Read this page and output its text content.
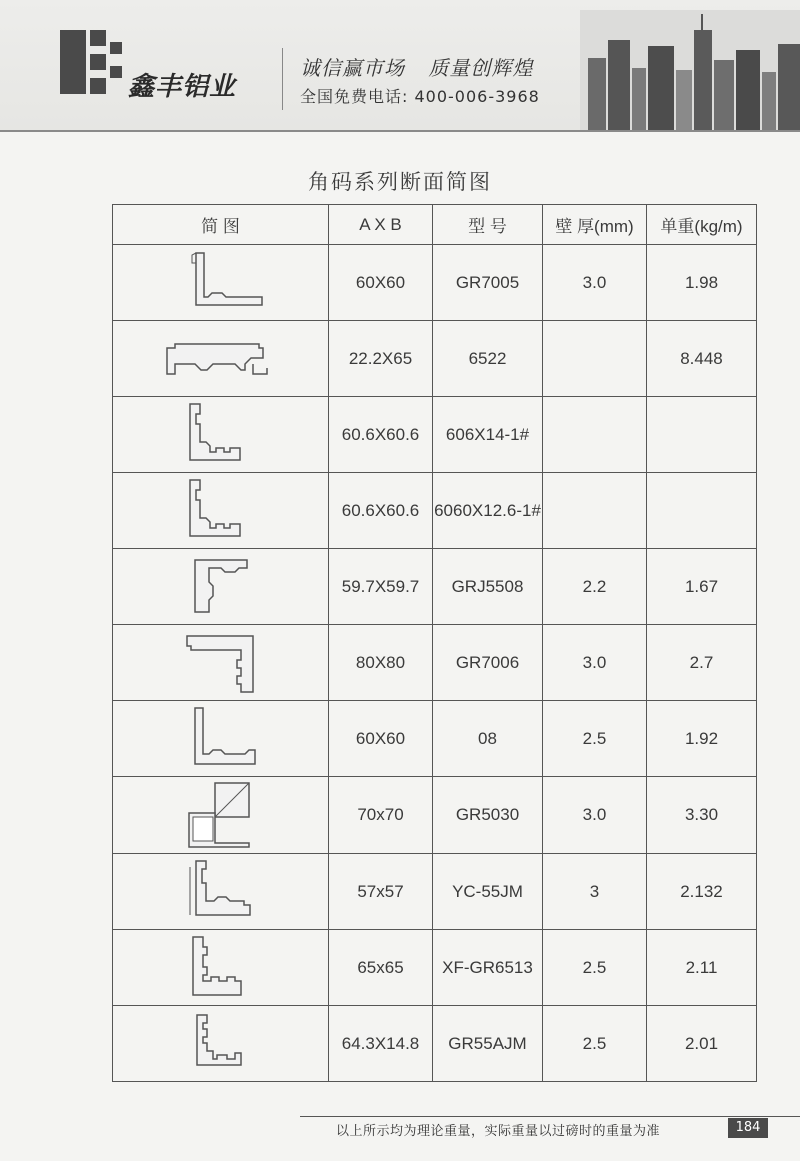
鑫丰铝业
诚信赢市场 质量创辉煌
全国免费电话: 400-006-3968
角码系列断面简图
简 图	A X B	型 号	壁 厚(mm)	单重(kg/m)

	60X60	GR7005	3.0	1.98

	22.2X65	6522		8.448

	60.6X60.6	606X14-1#		

	60.6X60.6	6060X12.6-1#		

	59.7X59.7	GRJ5508	2.2	1.67

	80X80	GR7006	3.0	2.7

	60X60	08	2.5	1.92

	70x70	GR5030	3.0	3.30

	57x57	YC-55JM	3	2.132

	65x65	XF-GR6513	2.5	2.11

	64.3X14.8	GR55AJM	2.5	2.01
以上所示均为理论重量，实际重量以过磅时的重量为准	184
